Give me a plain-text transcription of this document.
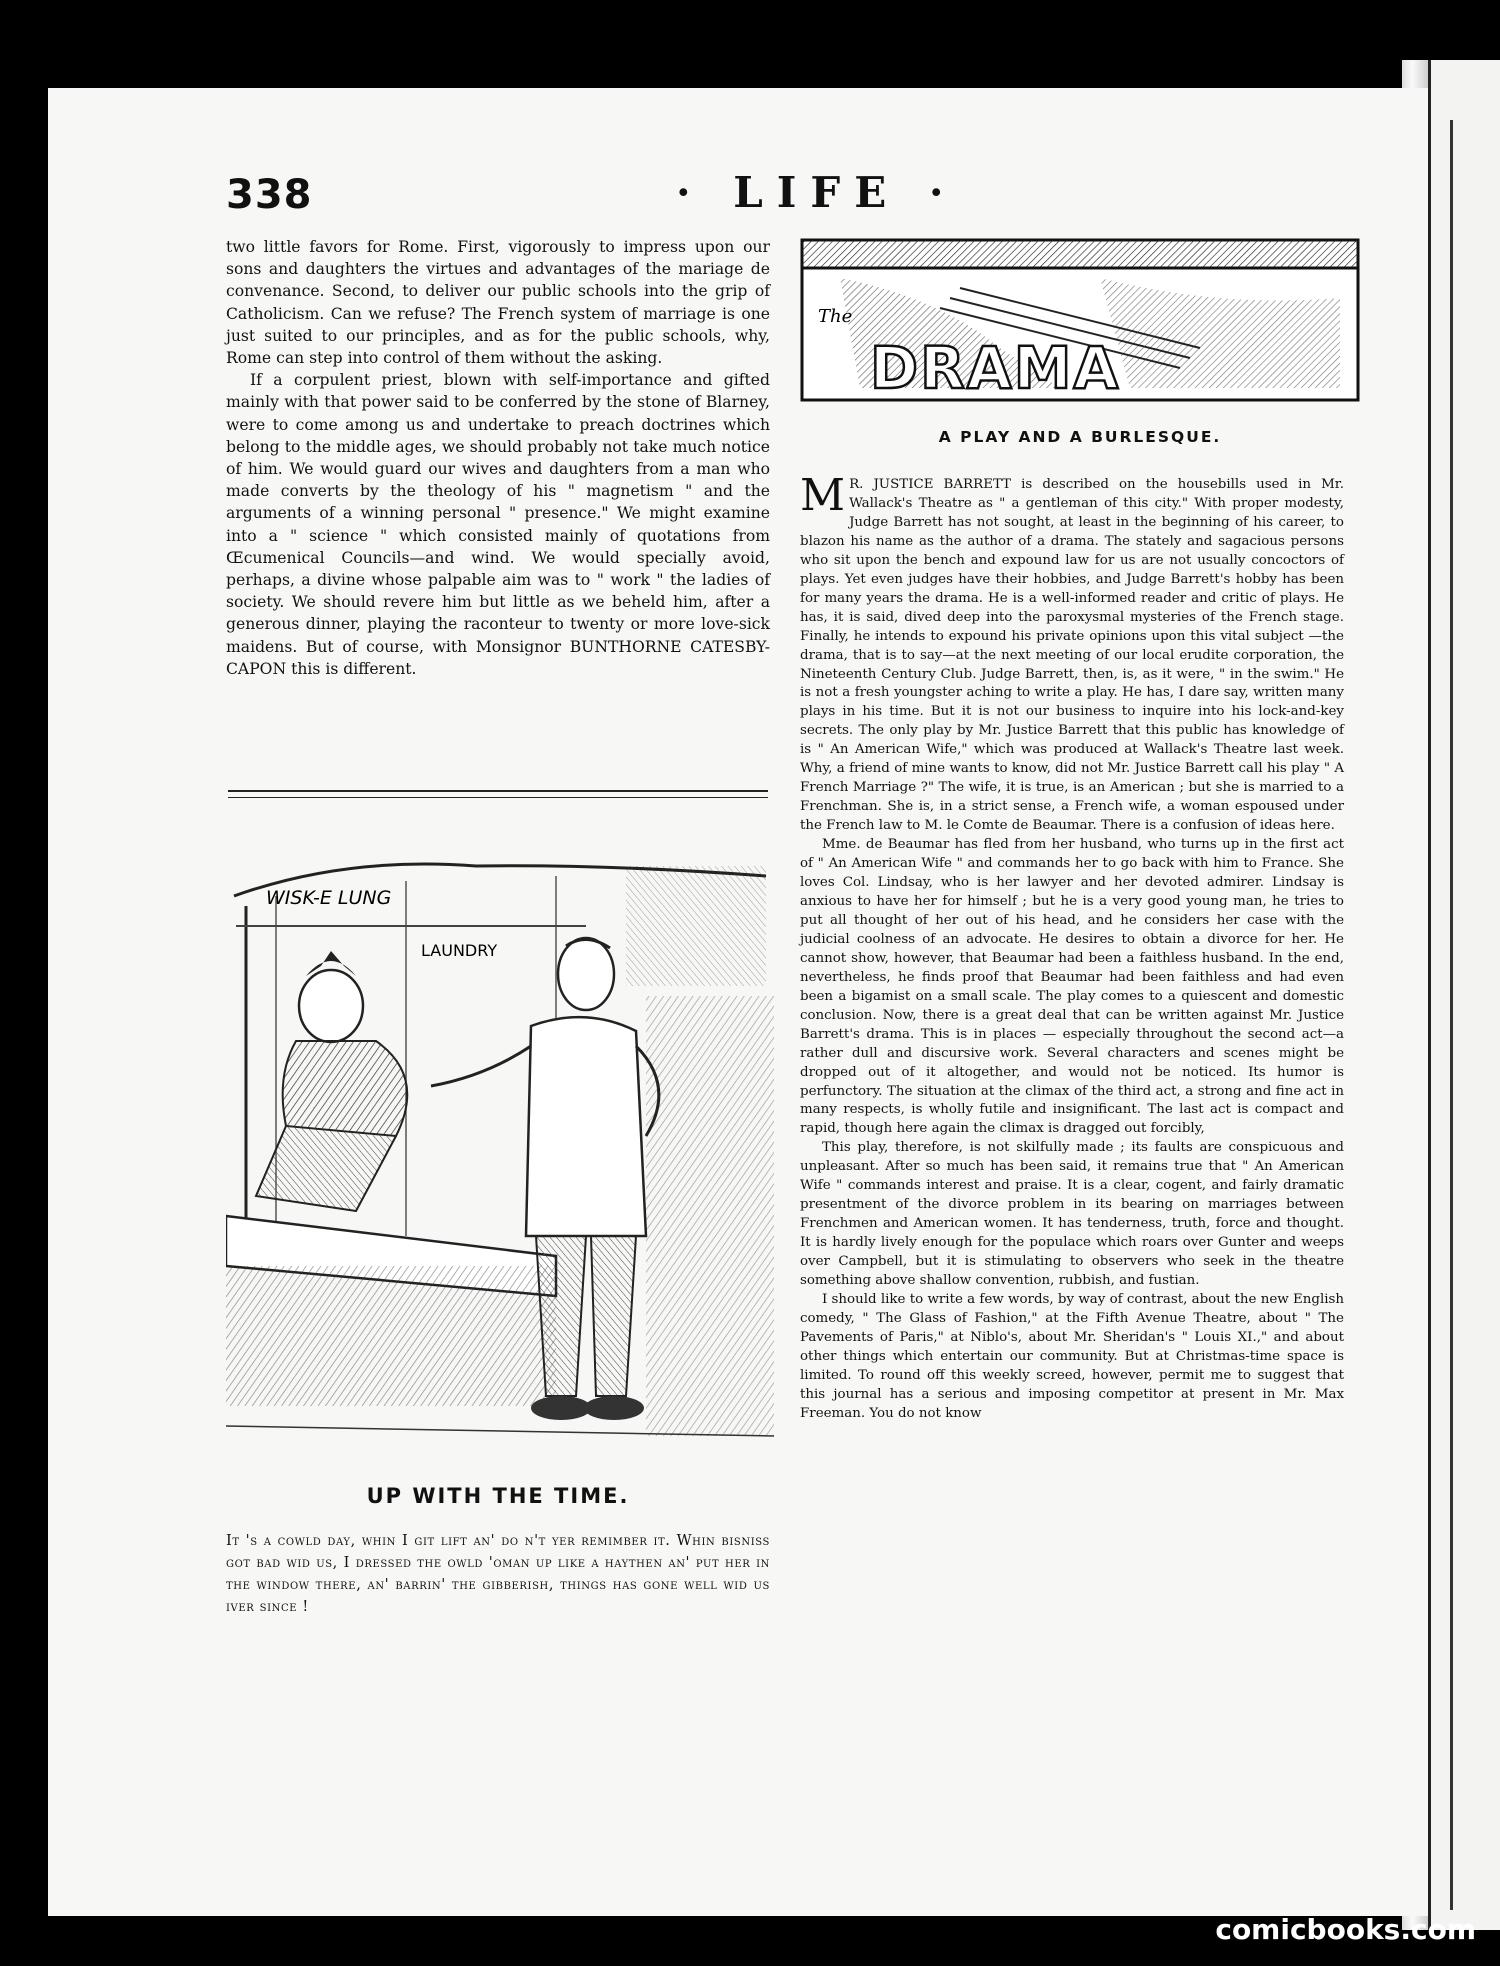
338	· LIFE ·

two little favors for Rome. First, vigorously to impress upon our sons and daughters the virtues and advantages of the mariage de convenance. Second, to deliver our public schools into the grip of Catholicism. Can we refuse? The French system of marriage is one just suited to our principles, and as for the public schools, why, Rome can step into control of them without the asking.

If a corpulent priest, blown with self-importance and gifted mainly with that power said to be conferred by the stone of Blarney, were to come among us and undertake to preach doctrines which belong to the middle ages, we should probably not take much notice of him. We would guard our wives and daughters from a man who made converts by the theology of his " magnetism " and the arguments of a winning personal " presence." We might examine into a " science " which consisted mainly of quotations from Œcumenical Councils—and wind. We would specially avoid, perhaps, a divine whose palpable aim was to " work " the ladies of society. We should revere him but little as we beheld him, after a generous dinner, playing the raconteur to twenty or more love-sick maidens. But of course, with Monsignor BUNTHORNE CATESBY-CAPON this is different.

WISK-E LUNG
LAUNDRY
UP WITH THE TIME.
It 's a cowld day, whin I git lift an' do n't yer remimber it. Whin bisniss got bad wid us, I dressed the owld 'oman up like a haythen an' put her in the window there, an' barrin' the gibberish, things has gone well wid us iver since !
The
DRAMA
A PLAY AND A BURLESQUE.

M R. JUSTICE BARRETT is described on the housebills used in Mr. Wallack's Theatre as " a gentleman of this city." With proper modesty, Judge Barrett has not sought, at least in the beginning of his career, to blazon his name as the author of a drama. The stately and sagacious persons who sit upon the bench and expound law for us are not usually concoctors of plays. Yet even judges have their hobbies, and Judge Barrett's hobby has been for many years the drama. He is a well-informed reader and critic of plays. He has, it is said, dived deep into the paroxysmal mysteries of the French stage. Finally, he intends to expound his private opinions upon this vital subject —the drama, that is to say—at the next meeting of our local erudite corporation, the Nineteenth Century Club. Judge Barrett, then, is, as it were, " in the swim." He is not a fresh youngster aching to write a play. He has, I dare say, written many plays in his time. But it is not our business to inquire into his lock-and-key secrets. The only play by Mr. Justice Barrett that this public has knowledge of is " An American Wife," which was produced at Wallack's Theatre last week. Why, a friend of mine wants to know, did not Mr. Justice Barrett call his play " A French Marriage ?" The wife, it is true, is an American ; but she is married to a Frenchman. She is, in a strict sense, a French wife, a woman espoused under the French law to M. le Comte de Beaumar. There is a confusion of ideas here.

Mme. de Beaumar has fled from her husband, who turns up in the first act of " An American Wife " and commands her to go back with him to France. She loves Col. Lindsay, who is her lawyer and her devoted admirer. Lindsay is anxious to have her for himself ; but he is a very good young man, he tries to put all thought of her out of his head, and he considers her case with the judicial coolness of an advocate. He desires to obtain a divorce for her. He cannot show, however, that Beaumar had been a faithless husband. In the end, nevertheless, he finds proof that Beaumar had been faithless and had even been a bigamist on a small scale. The play comes to a quiescent and domestic conclusion. Now, there is a great deal that can be written against Mr. Justice Barrett's drama. This is in places — especially throughout the second act—a rather dull and discursive work. Several characters and scenes might be dropped out of it altogether, and would not be noticed. Its humor is perfunctory. The situation at the climax of the third act, a strong and fine act in many respects, is wholly futile and insignificant. The last act is compact and rapid, though here again the climax is dragged out forcibly,

This play, therefore, is not skilfully made ; its faults are conspicuous and unpleasant. After so much has been said, it remains true that " An American Wife " commands interest and praise. It is a clear, cogent, and fairly dramatic presentment of the divorce problem in its bearing on marriages between Frenchmen and American women. It has tenderness, truth, force and thought. It is hardly lively enough for the populace which roars over Gunter and weeps over Campbell, but it is stimulating to observers who seek in the theatre something above shallow convention, rubbish, and fustian.

I should like to write a few words, by way of contrast, about the new English comedy, " The Glass of Fashion," at the Fifth Avenue Theatre, about " The Pavements of Paris," at Niblo's, about Mr. Sheridan's " Louis XI.," and about other things which entertain our community. But at Christmas-time space is limited. To round off this weekly screed, however, permit me to suggest that this journal has a serious and imposing competitor at present in Mr. Max Freeman. You do not know

comicbooks.com
